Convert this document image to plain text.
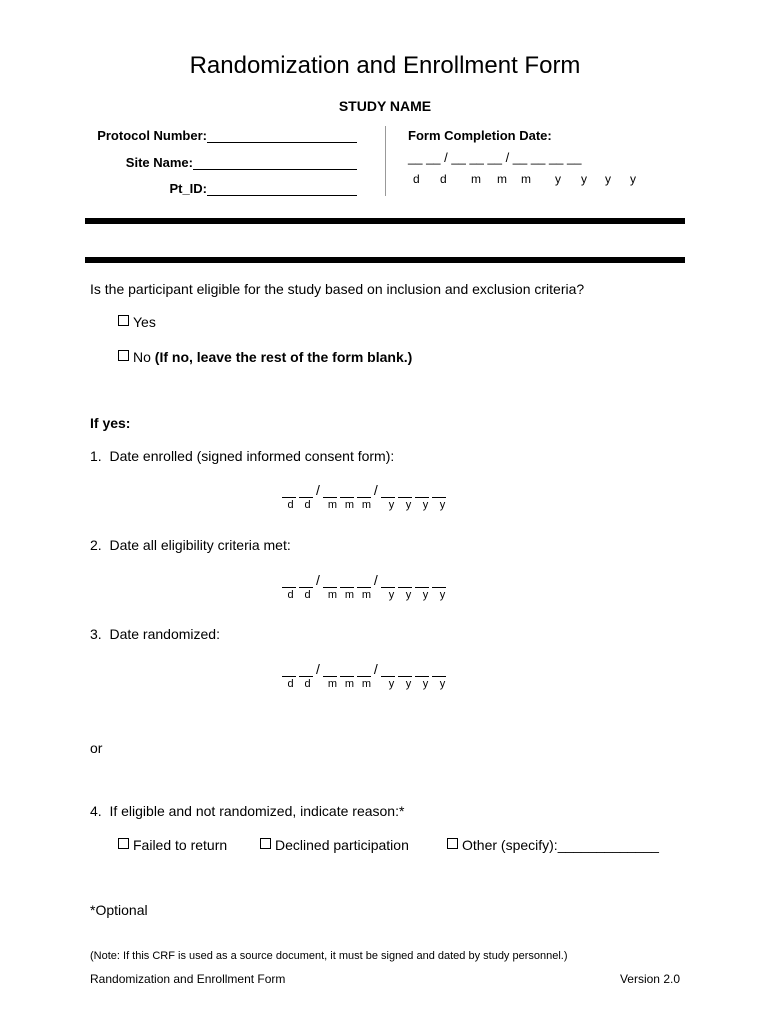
Randomization and Enrollment Form
STUDY NAME
Protocol Number:
Site Name:
Pt_ID:
Form Completion Date:
__ __ / __ __ __ / __ __ __ __
d d m m m y y y y
Is the participant eligible for the study based on inclusion and exclusion criteria?
Yes
No (If no, leave the rest of the form blank.)
If yes:
1. Date enrolled (signed informed consent form):
/	/
d d m m m y y y y
2. Date all eligibility criteria met:
/	/
d d m m m y y y y
3. Date randomized:
/	/
d d m m m y y y y
or
4. If eligible and not randomized, indicate reason:*
Failed to return	Declined participation	Other (specify):_____________
*Optional
(Note: If this CRF is used as a source document, it must be signed and dated by study personnel.)
Randomization and Enrollment Form	Version 2.0
